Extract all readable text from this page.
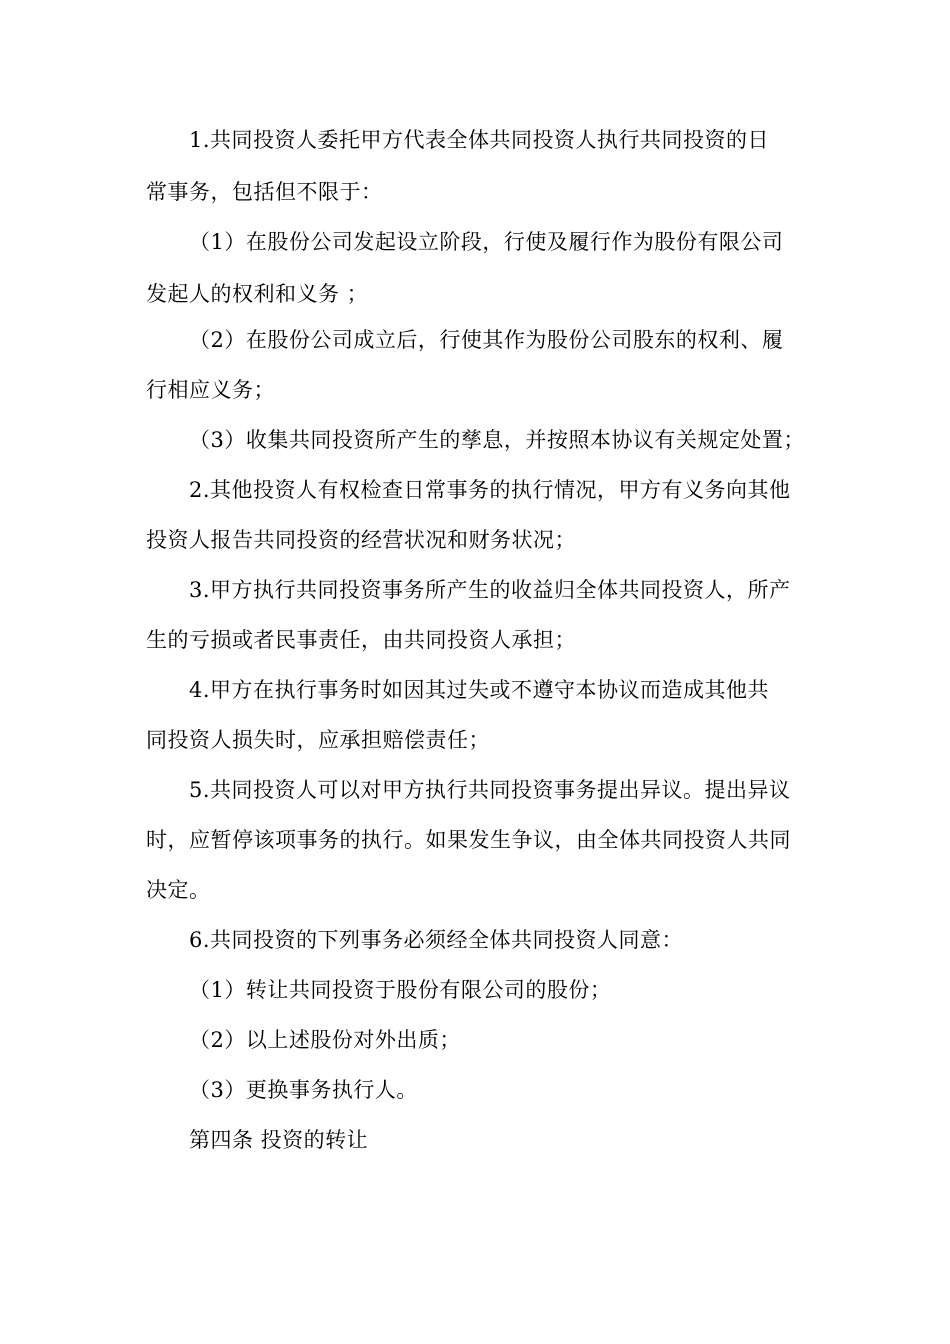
1.共同投资人委托甲方代表全体共同投资人执行共同投资的日
常事务，包括但不限于：
（1）在股份公司发起设立阶段，行使及履行作为股份有限公司
发起人的权利和义务 ；
（2）在股份公司成立后，行使其作为股份公司股东的权利、履
行相应义务；
（3）收集共同投资所产生的孳息，并按照本协议有关规定处置；
2.其他投资人有权检查日常事务的执行情况，甲方有义务向其他
投资人报告共同投资的经营状况和财务状况；
3.甲方执行共同投资事务所产生的收益归全体共同投资人，所产
生的亏损或者民事责任，由共同投资人承担；
4.甲方在执行事务时如因其过失或不遵守本协议而造成其他共
同投资人损失时，应承担赔偿责任；
5.共同投资人可以对甲方执行共同投资事务提出异议。提出异议
时，应暂停该项事务的执行。如果发生争议，由全体共同投资人共同
决定。
6.共同投资的下列事务必须经全体共同投资人同意：
（1）转让共同投资于股份有限公司的股份；
（2）以上述股份对外出质；
（3）更换事务执行人。
第四条 投资的转让
